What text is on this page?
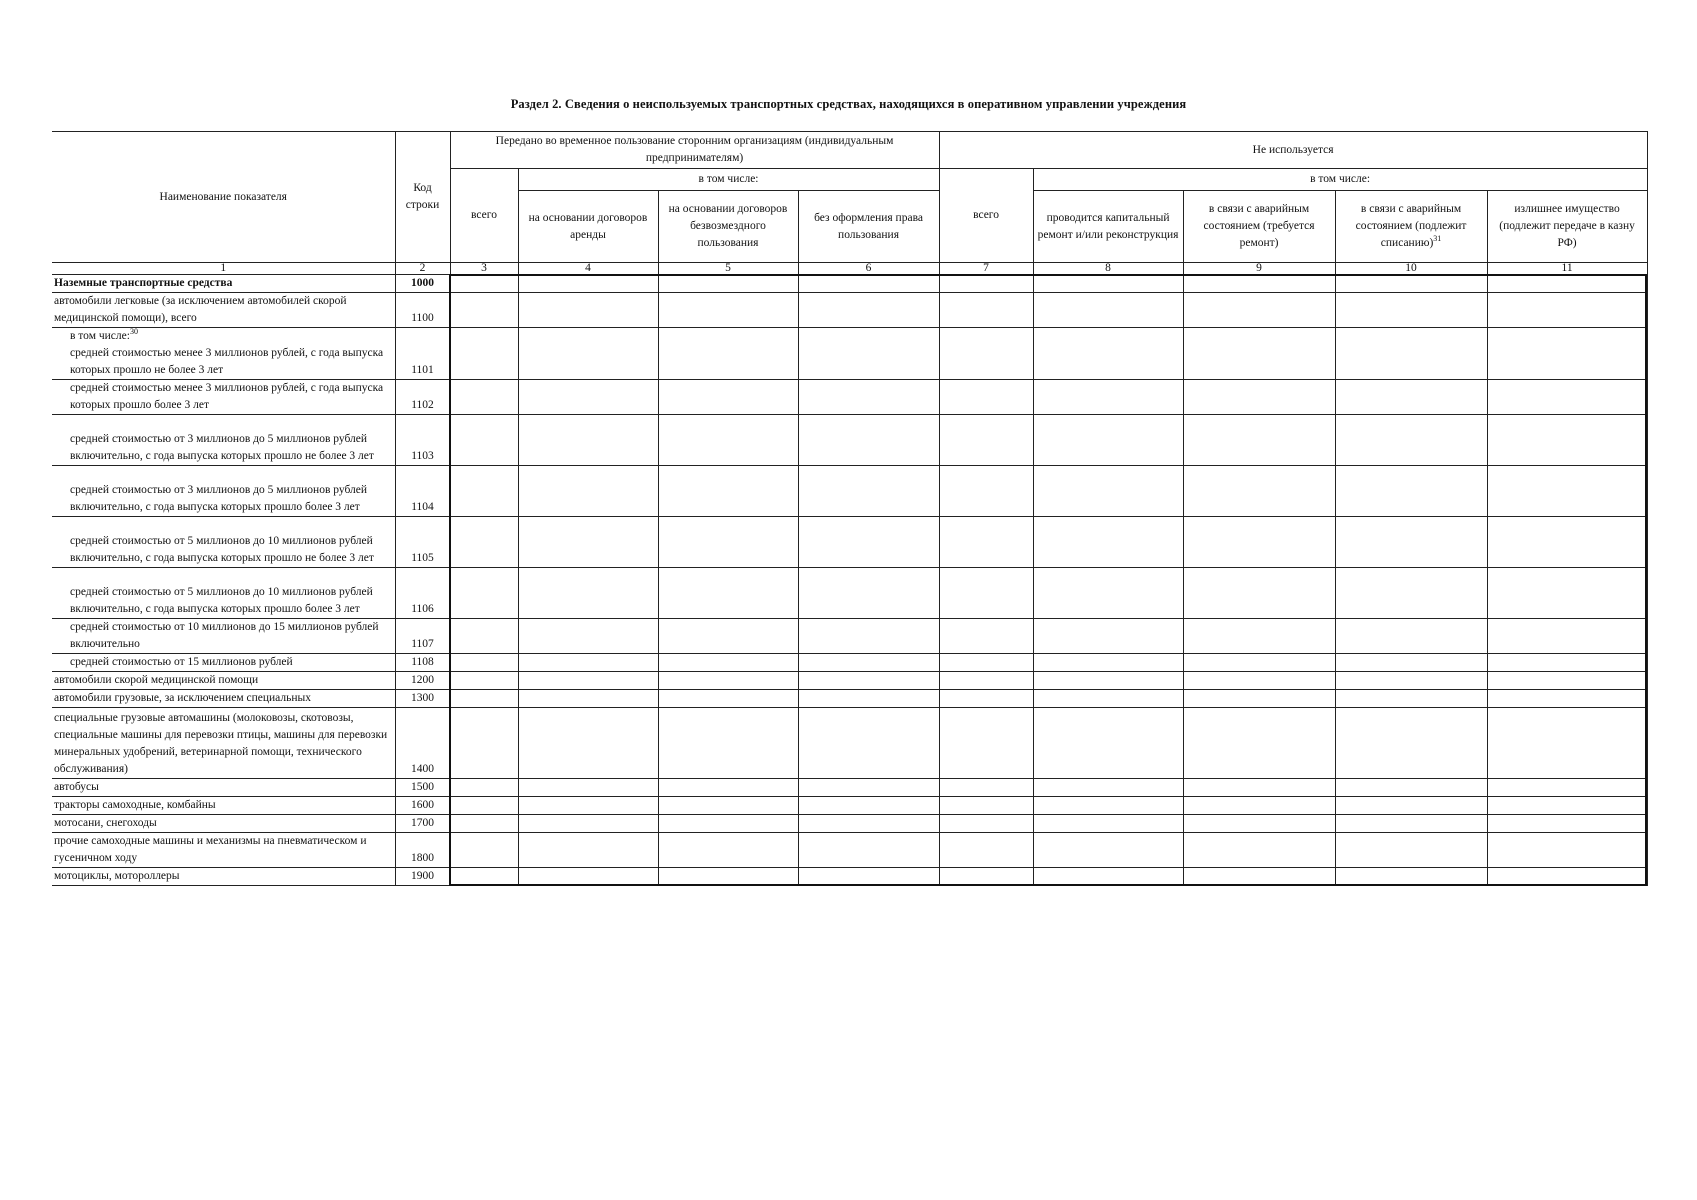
Раздел 2. Сведения о неиспользуемых транспортных средствах, находящихся в оперативном управлении учреждения
Наименование показателя	Код строки	Передано во временное пользование сторонним организациям (индивидуальным предпринимателям)				Не используется				
		всего	в том числе:			всего	в том числе:			
			на основании договоров аренды	на основании договоров безвозмездного пользования	без оформления права пользования		проводится капитальный ремонт и/или реконструкция	в связи с аварийным состоянием (требуется ремонт)	в связи с аварийным состоянием (подлежит списанию)$^{31}$	излишнее имущество (подлежит передаче в казну РФ)
1	2	3	4	5	6	7	8	9	10	11
Наземные транспортные средства	1000									
автомобили легковые (за исключением автомобилей скорой медицинской помощи), всего	1100									

в том числе:$^{30}$
средней стоимостью менее 3 миллионов рублей, с года выпуска которых прошло не более 3 лет	1101									
средней стоимостью менее 3 миллионов рублей, с года выпуска которых прошло более 3 лет	1102									
средней стоимостью от 3 миллионов до 5 миллионов рублей включительно, с года выпуска которых прошло не более 3 лет	1103									
средней стоимостью от 3 миллионов до 5 миллионов рублей включительно, с года выпуска которых прошло более 3 лет	1104									
средней стоимостью от 5 миллионов до 10 миллионов рублей включительно, с года выпуска которых прошло не более 3 лет	1105									
средней стоимостью от 5 миллионов до 10 миллионов рублей включительно, с года выпуска которых прошло более 3 лет	1106									
средней стоимостью от 10 миллионов до 15 миллионов рублей включительно	1107									
средней стоимостью от 15 миллионов рублей	1108									
автомобили скорой медицинской помощи	1200									
автомобили грузовые, за исключением специальных	1300									
специальные грузовые автомашины (молоковозы, скотовозы, специальные машины для перевозки птицы, машины для перевозки минеральных удобрений, ветеринарной помощи, технического обслуживания)	1400									
автобусы	1500									
тракторы самоходные, комбайны	1600									
мотосани, снегоходы	1700									
прочие самоходные машины и механизмы на пневматическом и гусеничном ходу	1800									
мотоциклы, мотороллеры	1900									
